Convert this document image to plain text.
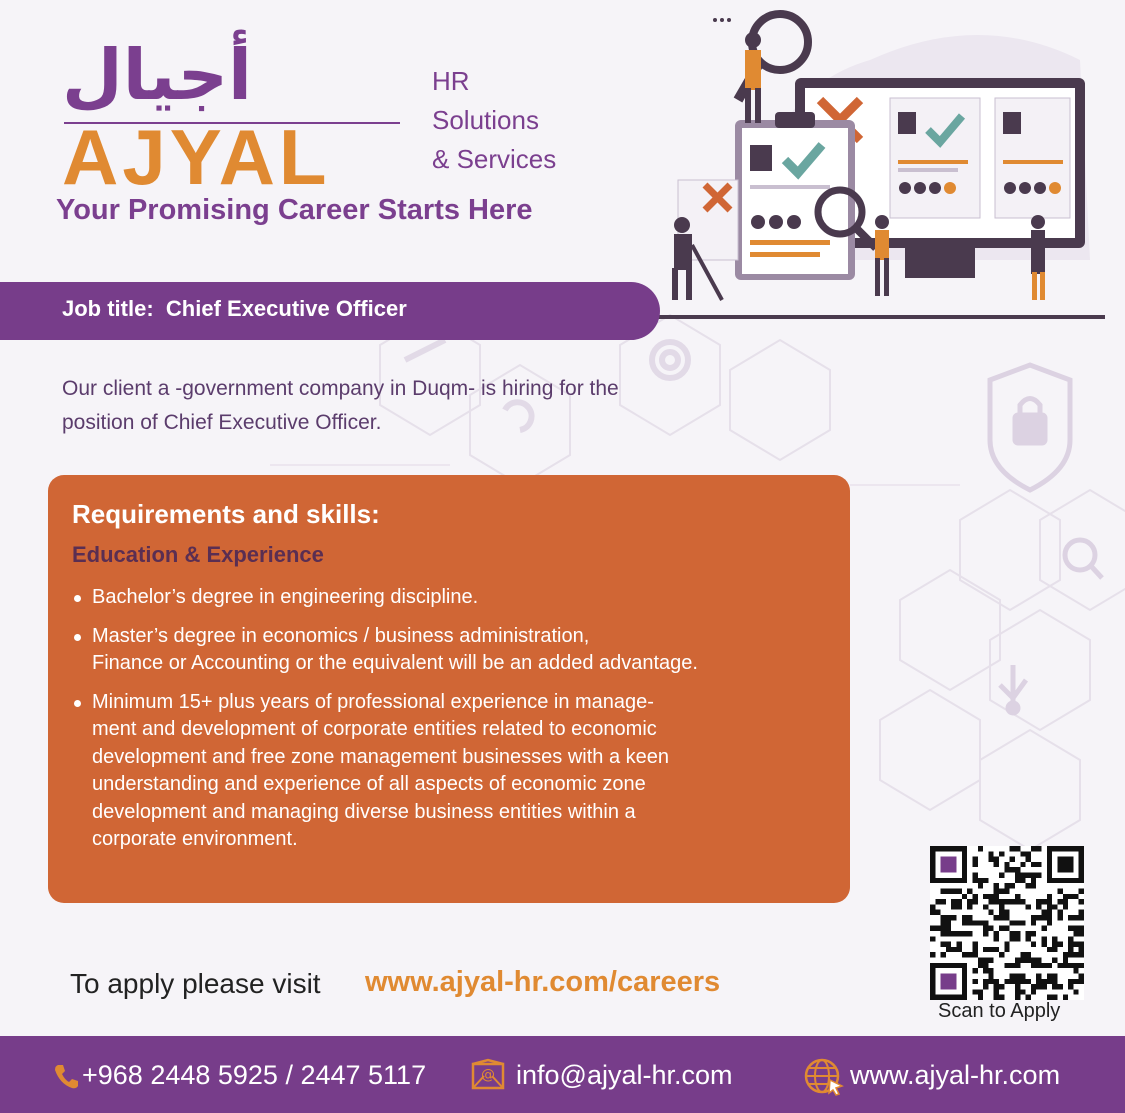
أجيال
AJYAL
HR
Solutions
& Services
Your Promising Career Starts Here
Job title: Chief Executive Officer
Our client a -government company in Duqm- is hiring for the
position of Chief Executive Officer.
Requirements and skills:
Education & Experience
Bachelor’s degree in engineering discipline.
Master’s degree in economics / business administration,
Finance or Accounting or the equivalent will be an added advantage.
Minimum 15+ plus years of professional experience in manage-
ment and development of corporate entities related to economic
development and free zone management businesses with a keen
understanding and experience of all aspects of economic zone
development and managing diverse business entities within a
corporate environment.
To apply please visit www.ajyal-hr.com/careers
Scan to Apply
+968 2448 5925 / 2447 5117	@ info@ajyal-hr.com	www.ajyal-hr.com
